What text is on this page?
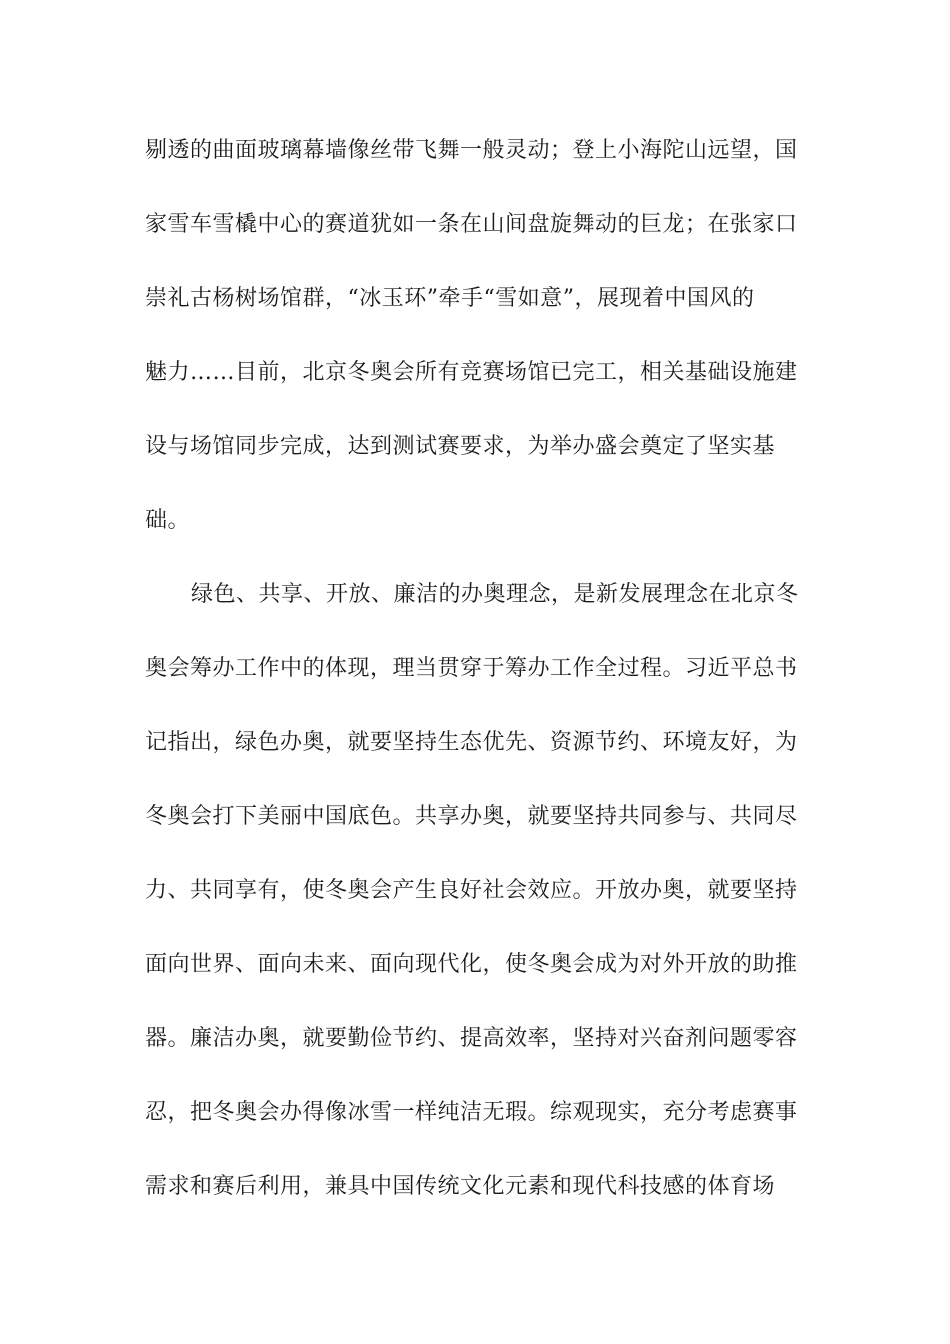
剔透的曲面玻璃幕墙像丝带飞舞一般灵动；登上小海陀山远望，国
家雪车雪橇中心的赛道犹如一条在山间盘旋舞动的巨龙；在张家口
崇礼古杨树场馆群，“冰玉环”牵手“雪如意”，展现着中国风的
魅力……目前，北京冬奥会所有竞赛场馆已完工，相关基础设施建
设与场馆同步完成，达到测试赛要求，为举办盛会奠定了坚实基
础。
绿色、共享、开放、廉洁的办奥理念，是新发展理念在北京冬
奥会筹办工作中的体现，理当贯穿于筹办工作全过程。习近平总书
记指出，绿色办奥，就要坚持生态优先、资源节约、环境友好，为
冬奥会打下美丽中国底色。共享办奥，就要坚持共同参与、共同尽
力、共同享有，使冬奥会产生良好社会效应。开放办奥，就要坚持
面向世界、面向未来、面向现代化，使冬奥会成为对外开放的助推
器。廉洁办奥，就要勤俭节约、提高效率，坚持对兴奋剂问题零容
忍，把冬奥会办得像冰雪一样纯洁无瑕。综观现实，充分考虑赛事
需求和赛后利用，兼具中国传统文化元素和现代科技感的体育场
